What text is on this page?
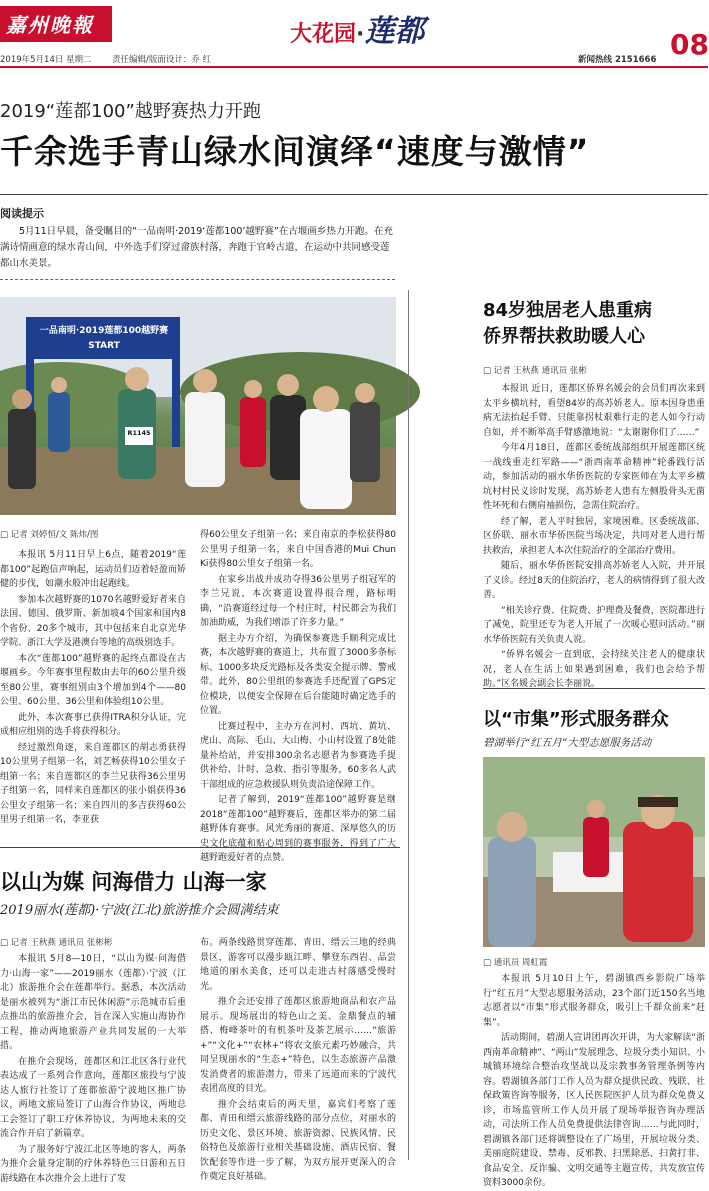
嘉州晚報	大花园·莲都	08
2019年5月14日 星期二 责任编辑/版面设计：乔 红	新闻热线 2151666
2019“莲都100”越野赛热力开跑
千余选手青山绿水间演绎“速度与激情”
阅读提示
5月11日早晨，备受瞩目的“一品南明·2019‘莲都100’越野赛”在古堰画乡热力开跑。在充满诗情画意的绿水青山间，中外选手们穿过畲族村落，奔跑于官岭古道，在运动中共同感受莲都山水美景。
一品南明·2019莲都100越野赛
START
R1145
□ 记者 刘婷恒/文 陈炜/图

本报讯 5月11日早上6点，随着2019“莲都100”起跑信声响起，运动员们迈着轻盈而矫健的步伐，如潮水般冲出起跑线。

参加本次越野赛的1070名越野爱好者来自法国、德国、俄罗斯、新加坡4个国家和国内8个省份、20多个城市，其中包括来自北京光华学院、浙江大学及港澳台等地的高级别选手。

本次“莲都100”越野赛的起终点都设在古堰画乡。今年赛事里程数由去年的60公里升级至80公里，赛事组别由3个增加到4个——80公里、60公里、36公里和体验组10公里。

此外，本次赛事已获得ITRA积分认证，完成相应组别的选手将获得积分。

经过激烈角逐，来自莲都区的胡志勇获得10公里男子组第一名，刘艺畅获得10公里女子组第一名；来自莲都区的李兰兄获得36公里男子组第一名，同样来自莲都区的张小娟获得36公里女子组第一名；来自四川的多吉获得60公里男子组第一名，李亚获

得60公里女子组第一名；来自南京的李松获得80公里男子组第一名，来自中国香港的Mui Chun Ki获得80公里女子组第一名。

在家乡出战并成功夺得36公里男子组冠军的李兰兄说，本次赛道设置得很合理，路标明确，“沿赛道经过每一个村庄时，村民都会为我们加油助威，为我们增添了许多力量。”

据主办方介绍，为确保参赛选手顺利完成比赛，本次越野赛的赛道上，共布置了3000多条标标、1000多块反光路标及各类安全提示牌、警戒带。此外，80公里组的参赛选手还配置了GPS定位模块，以便安全保障在后台能随时确定选手的位置。

比赛过程中，主办方在河村、西坑、黄坑、虎山、高际、毛山、大山梅、小山村设置了8处能量补给站，并安排300余名志愿者为参赛选手提供补给、计时、急救、指引等服务，60多名人武干部组成的应急救援队则负责沿途保障工作。

记者了解到，2019“莲都100”越野赛是继2018“莲都100”越野赛后，莲都区举办的第二届越野体育赛事。风光秀丽的赛道、深厚悠久的历史文化底蕴和贴心周到的赛事服务，得到了广大越野跑爱好者的点赞。

以山为媒 问海借力 山海一家
2019丽水(莲都)·宁波(江北)旅游推介会圆满结束
□ 记者 王秋燕 通讯员 张彬彬

本报讯 5月8—10日，“以山为媒·问海借力·山海一家”——2019丽水（莲都）·宁波（江北）旅游推介会在莲都举行。据悉，本次活动是丽水被列为“浙江市民休闲游”示范城市后重点推出的旅游推介会，旨在深入实施山海协作工程，推动两地旅游产业共同发展的一大举措。

在推介会现场，莲都区和江北区各行业代表达成了一系列合作意向，莲都区旅投与宁波达人旅行社签订了莲都旅游宁波地区推广协议，两地文旅局签订了山海合作协议，两地总工会签订了职工疗休养协议，为两地未来的交流合作开启了新篇章。

为了服务好宁波江北区等地的客人，两条为推介会量身定制的疗休养特色三日游和五日游线路在本次推介会上进行了发

布。两条线路贯穿莲都、青田、缙云三地的经典景区，游客可以漫步瓯江畔、攀登东西岩、品尝地道的丽水美食，还可以走进古村落感受慢时光。

推介会还安排了莲都区旅游地商品和农产品展示。现场展出的特色山之美、金鼎餐点的辅搭、梅峰茶叶的有机茶叶及茶艺展示……“旅游+”“文化+”“农林+”将农文旅元素巧妙融合，共同呈现丽水的“生态+”特色，以生态旅游产品激发消费者的旅游潜力，带来了远道而来的宁波代表团高度的目光。

推介会结束后的两天里，嘉宾们考察了莲都、青田和缙云旅游线路的部分点位，对丽水的历史文化、景区环境、旅游资源、民族风情、民俗特色及旅游行业相关基础设施、酒店民宿、餐饮配套等作进一步了解，为双方展开更深入的合作奠定良好基础。

84岁独居老人患重病
侨界帮扶救助暖人心
□ 记者 王秋燕 通讯员 张彬

本报讯 近日，莲都区侨界名媛会的会员们再次来到太平乡横坑村，看望84岁的高苏娇老人。原本因身患重病无法抬起手臂、只能靠拐杖艰难行走的老人如今行动自如，并不断举高手臂感激地说：“太谢谢你们了……”

今年4月18日，莲都区委统战部组织开展莲都区统一战线重走红军路——“浙西南革命精神”轮番践行活动，参加活动的丽水华侨医院的专家医师在为太平乡横坑村村民义诊时发现，高苏娇老人患有左侧股骨头无菌性坏死和右侧肩袖损伤，急需住院治疗。

经了解，老人平时独居，家境困难。区委统战部、区侨联、丽水市华侨医院当场决定，共同对老人进行帮扶救治，承担老人本次住院治疗的全部治疗费用。

随后，丽水华侨医院安排高苏娇老人入院，并开展了义诊。经过8天的住院治疗，老人的病情得到了很大改善。

“相关诊疗费、住院费、护理费及餐费，医院都进行了减免，院里还专为老人开展了一次暖心慰问活动。”丽水华侨医院有关负责人说。

“侨界名媛会一直到底，会持续关注老人的健康状况，老人在生活上如果遇到困难，我们也会给予帮助。”区名媛会副会长李丽说。

以“市集”形式服务群众
碧湖举行“红五月”大型志愿服务活动
□ 通讯员 周虹霞

本报讯 5月10日上午，碧湖镇西乡影院广场举行“红五月”大型志愿服务活动，23个部门近150名当地志愿者以“市集”形式服务群众，吸引上千群众前来“赶集”。

活动期间，碧湖人宣讲团再次开讲，为大家解读“浙西南革命精神”、“两山”发展理念、垃圾分类小知识、小城镇环境综合整治攻坚战以及宗教事务管理条例等内容。碧湖镇各部门工作人员为群众提供民政、残联、社保政策咨询等服务，区人民医院医护人员为群众免费义诊，市场监管所工作人员开展了现场举报咨询办理活动，司法所工作人员免费提供法律咨询……与此同时，碧湖镇各部门还将调整设在了广场里，开展垃圾分类、美丽庭院建设、禁毒、反邪教、扫黑除恶、扫黄打非、食品安全、反诈骗、文明交通等主题宣传，共发放宣传资料3000余份。
